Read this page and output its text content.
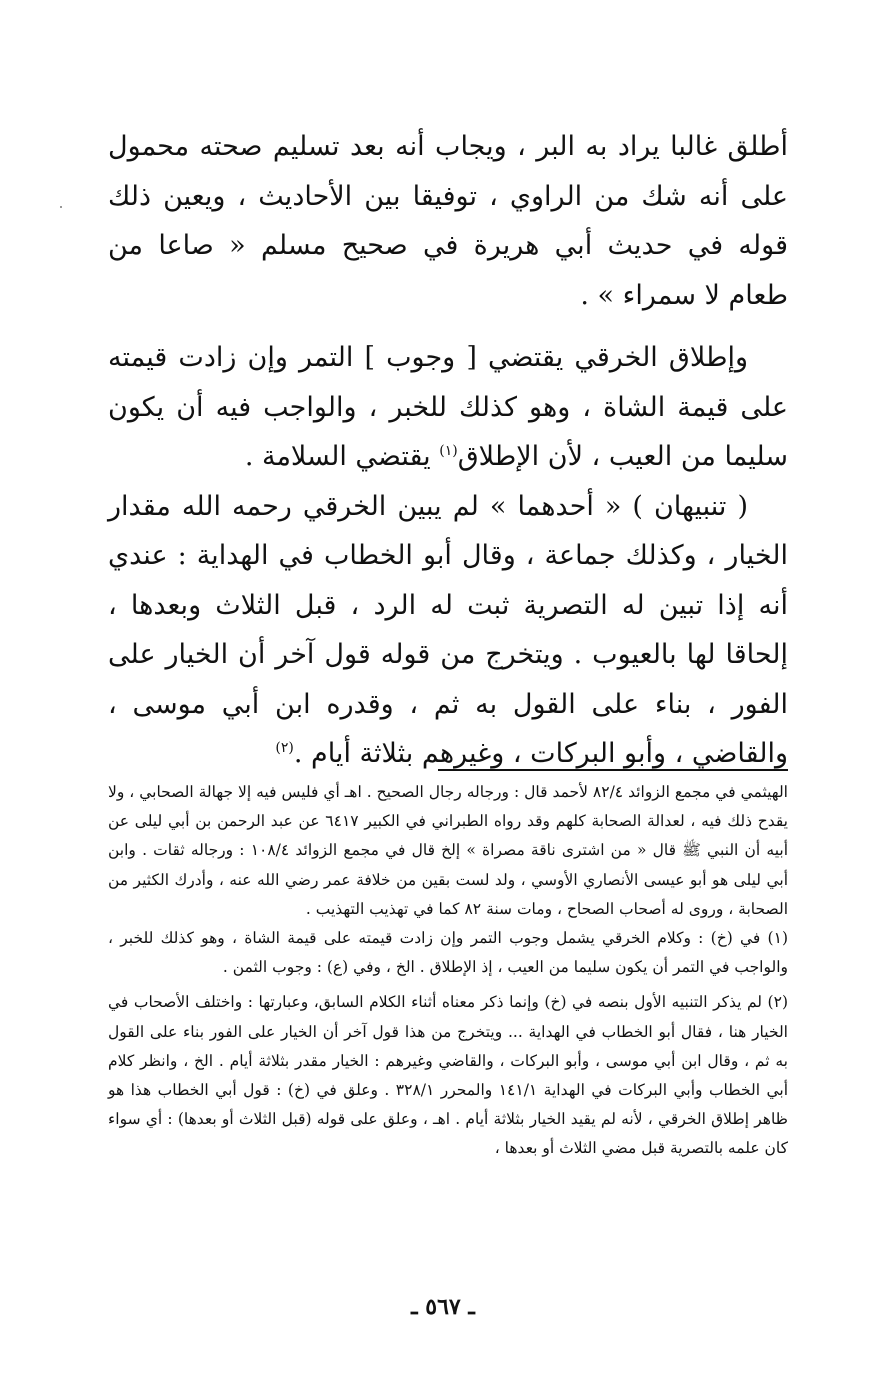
أطلق غالبا يراد به البر ، ويجاب أنه بعد تسليم صحته محمول على أنه شك من الراوي ، توفيقا بين الأحاديث ، ويعين ذلك قوله في حديث أبي هريرة في صحيح مسلم « صاعا من طعام لا سمراء » .

وإطلاق الخرقي يقتضي [ وجوب ] التمر وإن زادت قيمته على قيمة الشاة ، وهو كذلك للخبر ، والواجب فيه أن يكون سليما من العيب ، لأن الإطلاق$^{(١)}$ يقتضي السلامة .

( تنبيهان ) « أحدهما » لم يبين الخرقي رحمه الله مقدار الخيار ، وكذلك جماعة ، وقال أبو الخطاب في الهداية : عندي أنه إذا تبين له التصرية ثبت له الرد ، قبل الثلاث وبعدها ، إلحاقا لها بالعيوب . ويتخرج من قوله قول آخر أن الخيار على الفور ، بناء على القول به ثم ، وقدره ابن أبي موسى ، والقاضي ، وأبو البركات ، وغيرهم بثلاثة أيام .$^{(٢)}$

الهيثمي في مجمع الزوائد ٨٢/٤ لأحمد قال : ورجاله رجال الصحيح . اهـ أي فليس فيه إلا جهالة الصحابي ، ولا يقدح ذلك فيه ، لعدالة الصحابة كلهم وقد رواه الطبراني في الكبير ٦٤١٧ عن عبد الرحمن بن أبي ليلى عن أبيه أن النبي ﷺ قال « من اشترى ناقة مصراة » إلخ قال في مجمع الزوائد ١٠٨/٤ : ورجاله ثقات . وابن أبي ليلى هو أبو عيسى الأنصاري الأوسي ، ولد لست بقين من خلافة عمر رضي الله عنه ، وأدرك الكثير من الصحابة ، وروى له أصحاب الصحاح ، ومات سنة ٨٢ كما في تهذيب التهذيب .

(١) في (خ) : وكلام الخرقي يشمل وجوب التمر وإن زادت قيمته على قيمة الشاة ، وهو كذلك للخبر ، والواجب في التمر أن يكون سليما من العيب ، إذ الإطلاق . الخ ، وفي (ع) : وجوب الثمن .

(٢) لم يذكر التنبيه الأول بنصه في (خ) وإنما ذكر معناه أثناء الكلام السابق، وعبارتها : واختلف الأصحاب في الخيار هنا ، فقال أبو الخطاب في الهداية ... ويتخرج من هذا قول آخر أن الخيار على الفور بناء على القول به ثم ، وقال ابن أبي موسى ، وأبو البركات ، والقاضي وغيرهم : الخيار مقدر بثلاثة أيام . الخ ، وانظر كلام أبي الخطاب وأبي البركات في الهداية ١٤١/١ والمحرر ٣٢٨/١ . وعلق في (خ) : قول أبي الخطاب هذا هو ظاهر إطلاق الخرقي ، لأنه لم يقيد الخيار بثلاثة أيام . اهـ ، وعلق على قوله (قبل الثلاث أو بعدها) : أي سواء كان علمه بالتصرية قبل مضي الثلاث أو بعدها ،

ـ ٥٦٧ ـ
